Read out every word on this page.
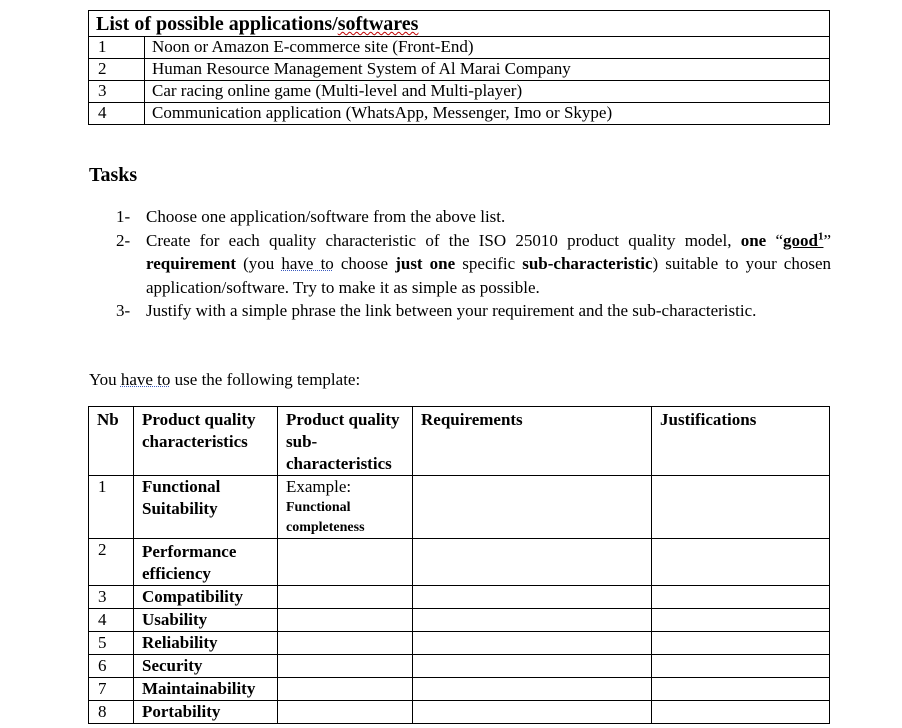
List of possible applications/softwares	
1	Noon or Amazon E-commerce site (Front-End)
2	Human Resource Management System of Al Marai Company
3	Car racing online game (Multi-level and Multi-player)
4	Communication application (WhatsApp, Messenger, Imo or Skype)
Tasks
1- Choose one application/software from the above list.
2- Create for each quality characteristic of the ISO 25010 product quality model, one “good$^1$” requirement (you have to choose just one specific sub-characteristic) suitable to your chosen application/software. Try to make it as simple as possible.
3- Justify with a simple phrase the link between your requirement and the sub-characteristic.

You have to use the following template:

Nb	Product quality characteristics	Product quality sub-characteristics	Requirements	Justifications
1	Functional Suitability	Example:
Functional completeness		

2	Performance efficiency			
3	Compatibility			
4	Usability			
5	Reliability			
6	Security			
7	Maintainability			
8	Portability			
